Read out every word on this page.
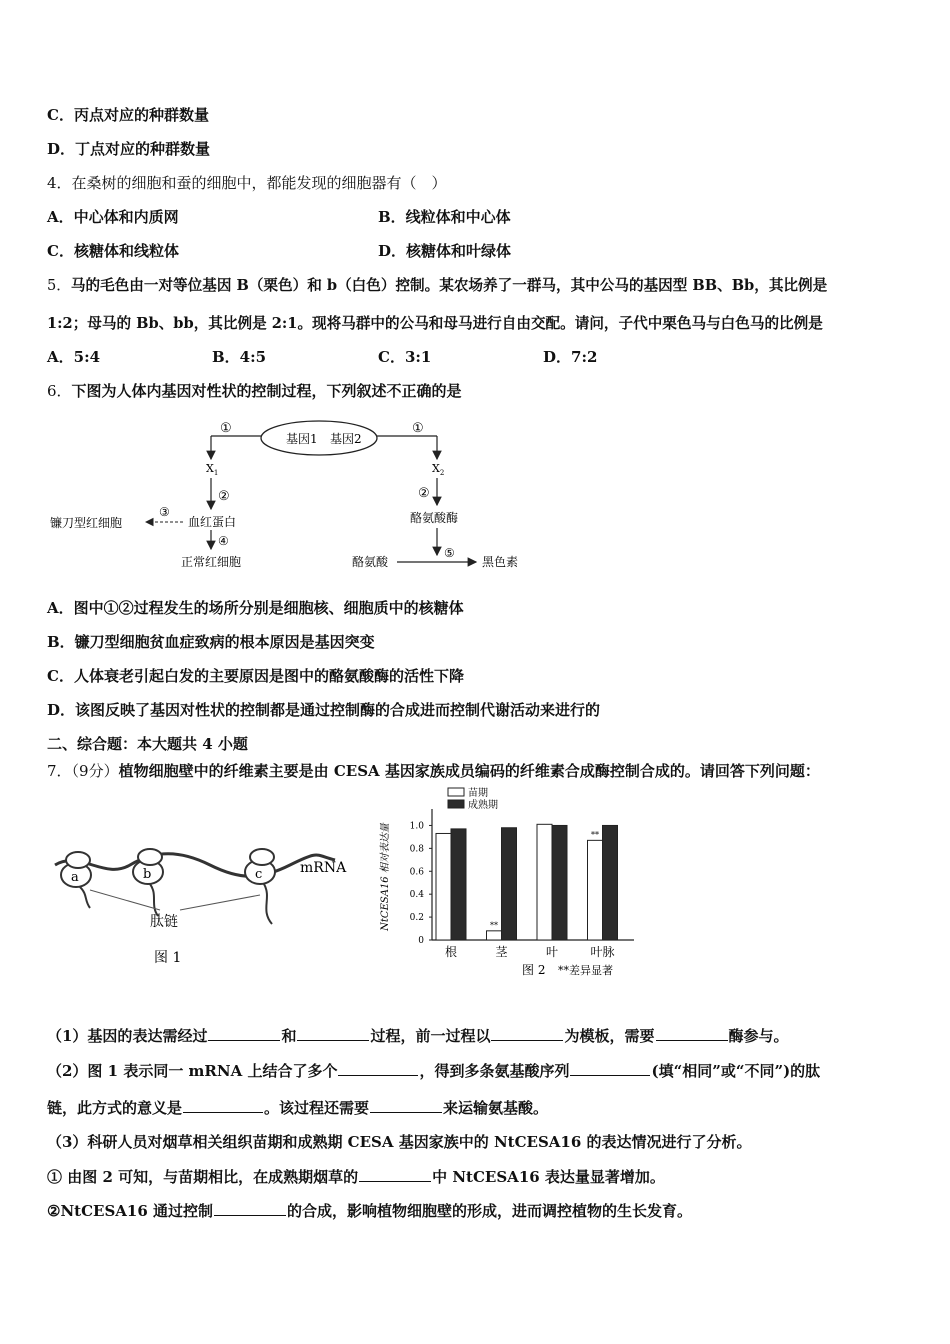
C．丙点对应的种群数量
D．丁点对应的种群数量
4．在桑树的细胞和蚕的细胞中，都能发现的细胞器有（　）
A．中心体和内质网	B．线粒体和中心体
C．核糖体和线粒体	D．核糖体和叶绿体
5．马的毛色由一对等位基因 B（栗色）和 b（白色）控制。某农场养了一群马，其中公马的基因型 BB、Bb，其比例是
1:2；母马的 Bb、bb，其比例是 2:1。现将马群中的公马和母马进行自由交配。请问，子代中栗色马与白色马的比例是
A．5:4	B．4:5	C．3:1	D．7:2
6．下图为人体内基因对性状的控制过程，下列叙述不正确的是
基因1 基因2
①
$X_1$
②
血红蛋白
③
镰刀型红细胞
④
正常红细胞
①
$X_2$
②
酪氨酸酶
酪氨酸
⑤
黑色素
A．图中①②过程发生的场所分别是细胞核、细胞质中的核糖体
B．镰刀型细胞贫血症致病的根本原因是基因突变
C．人体衰老引起白发的主要原因是图中的酪氨酸酶的活性下降
D．该图反映了基因对性状的控制都是通过控制酶的合成进而控制代谢活动来进行的
二、综合题：本大题共 4 小题
7．（9分）植物细胞壁中的纤维素主要是由 CESA 基因家族成员编码的纤维素合成酶控制合成的。请回答下列问题：
a	b	c	mRNA
肽链
图 1
0
0.2
0.4
0.6
0.8
1.0
NtCESA16 相对表达量
根
**
茎	叶
**
叶脉
苗期
成熟期
图 2 **差异显著
（1）基因的表达需经过	和	过程，前一过程以	为模板，需要	酶参与。
（2）图 1 表示同一 mRNA 上结合了多个	，得到多条氨基酸序列	(填“相同”或“不同”)的肽
链，此方式的意义是	。该过程还需要	来运输氨基酸。
（3）科研人员对烟草相关组织苗期和成熟期 CESA 基因家族中的 NtCESA16 的表达情况进行了分析。
① 由图 2 可知，与苗期相比，在成熟期烟草的	中 NtCESA16 表达量显著增加。
②NtCESA16 通过控制	的合成，影响植物细胞壁的形成，进而调控植物的生长发育。
